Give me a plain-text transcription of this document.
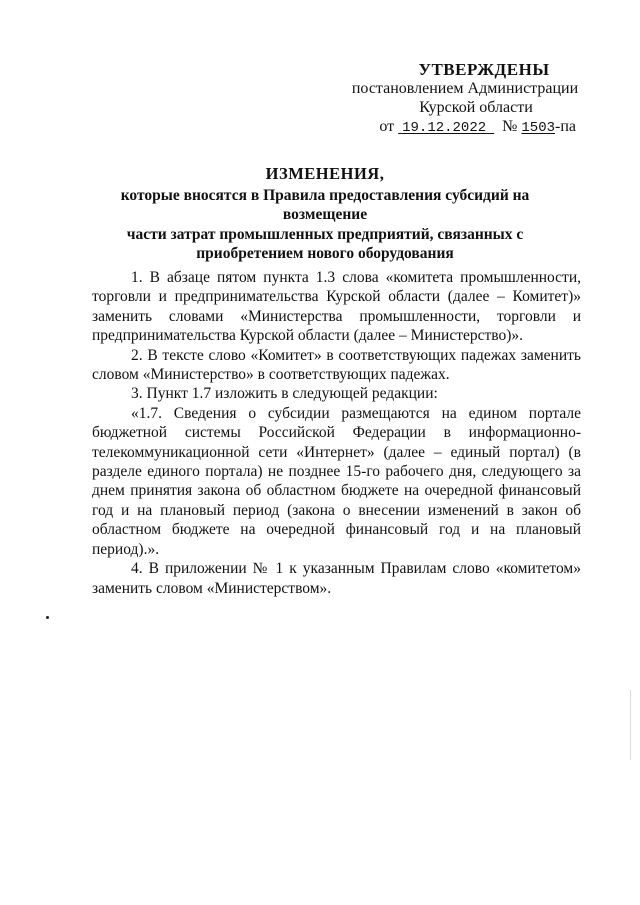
УТВЕРЖДЕНЫ
постановлением Администрации
Курской области
от 19.12.2022 № 1503-па
ИЗМЕНЕНИЯ,
которые вносятся в Правила предоставления субсидий на возмещение
части затрат промышленных предприятий, связанных с
приобретением нового оборудования

1. В абзаце пятом пункта 1.3 слова «комитета промышленности, торговли и предпринимательства Курской области (далее – Комитет)» заменить словами «Министерства промышленности, торговли и предпринимательства Курской области (далее – Министерство)».

2. В тексте слово «Комитет» в соответствующих падежах заменить словом «Министерство» в соответствующих падежах.

3. Пункт 1.7 изложить в следующей редакции:

«1.7. Сведения о субсидии размещаются на едином портале бюджетной системы Российской Федерации в информационно-телекоммуникационной сети «Интернет» (далее – единый портал) (в разделе единого портала) не позднее 15-го рабочего дня, следующего за днем принятия закона об областном бюджете на очередной финансовый год и на плановый период (закона о внесении изменений в закон об областном бюджете на очередной финансовый год и на плановый период).».

4. В приложении № 1 к указанным Правилам слово «комитетом» заменить словом «Министерством».
